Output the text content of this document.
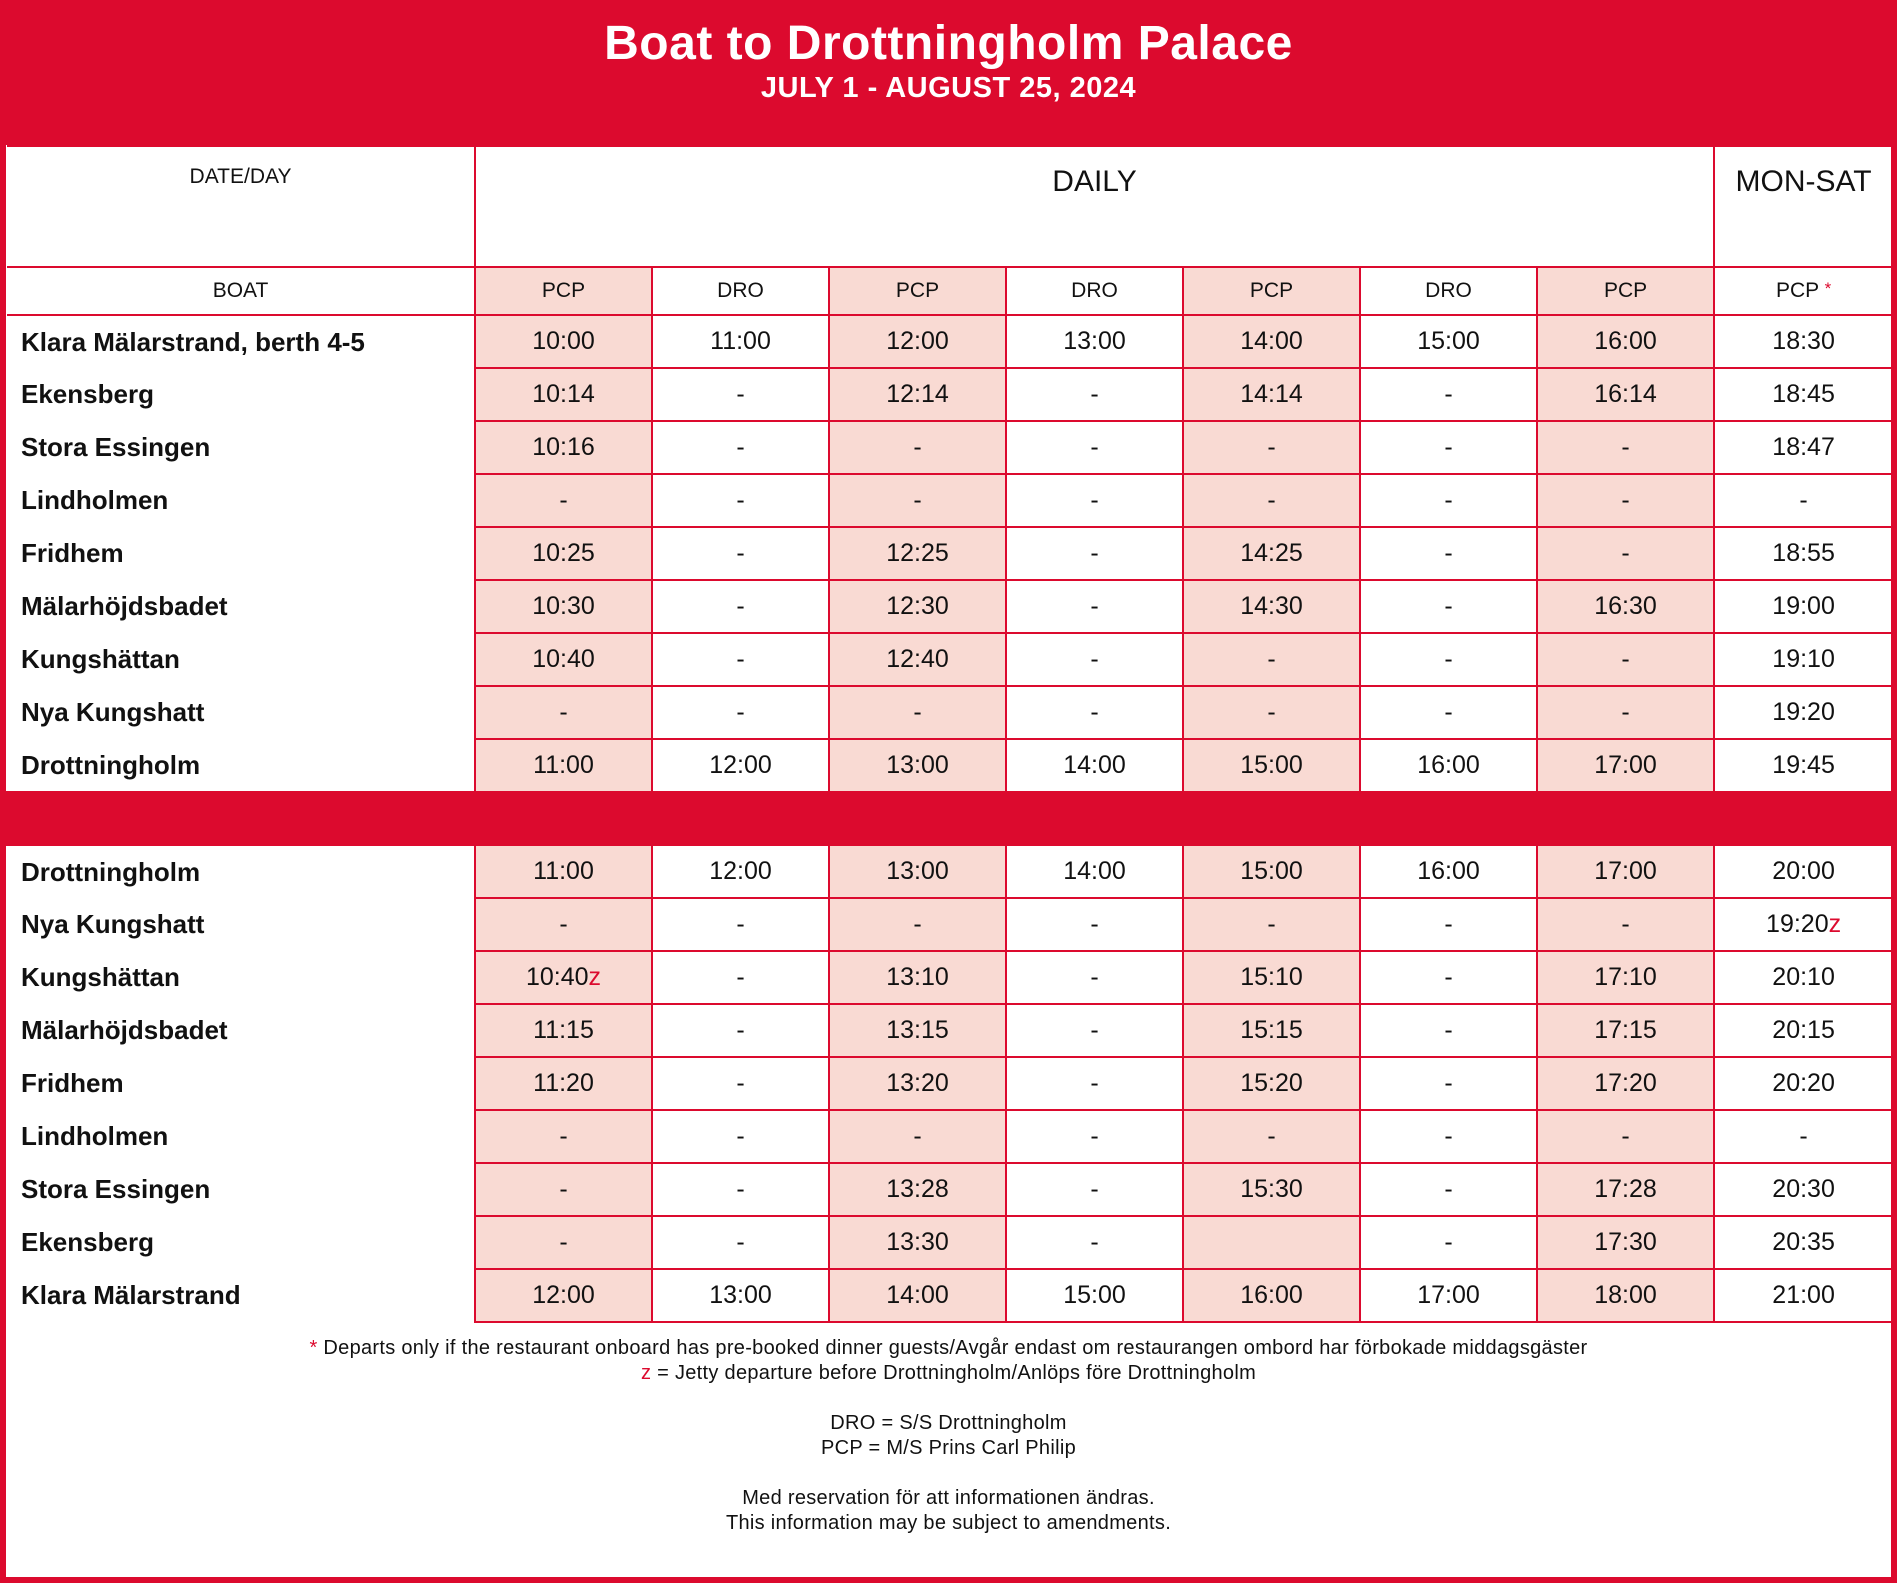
Boat to Drottningholm Palace
JULY 1 - AUGUST 25, 2024
DATE/DAY	DAILY							MON-SAT
BOAT	PCP	DRO	PCP	DRO	PCP	DRO	PCP	PCP *
Klara Mälarstrand, berth 4-5	10:00	11:00	12:00	13:00	14:00	15:00	16:00	18:30
Ekensberg	10:14	-	12:14	-	14:14	-	16:14	18:45
Stora Essingen	10:16	-	-	-	-	-	-	18:47
Lindholmen	-	-	-	-	-	-	-	-
Fridhem	10:25	-	12:25	-	14:25	-	-	18:55
Mälarhöjdsbadet	10:30	-	12:30	-	14:30	-	16:30	19:00
Kungshättan	10:40	-	12:40	-	-	-	-	19:10
Nya Kungshatt	-	-	-	-	-	-	-	19:20
Drottningholm	11:00	12:00	13:00	14:00	15:00	16:00	17:00	19:45

Drottningholm	11:00	12:00	13:00	14:00	15:00	16:00	17:00	20:00
Nya Kungshatt	-	-	-	-	-	-	-	19:20z
Kungshättan	10:40z	-	13:10	-	15:10	-	17:10	20:10
Mälarhöjdsbadet	11:15	-	13:15	-	15:15	-	17:15	20:15
Fridhem	11:20	-	13:20	-	15:20	-	17:20	20:20
Lindholmen	-	-	-	-	-	-	-	-
Stora Essingen	-	-	13:28	-	15:30	-	17:28	20:30
Ekensberg	-	-	13:30	-		-	17:30	20:35
Klara Mälarstrand	12:00	13:00	14:00	15:00	16:00	17:00	18:00	21:00
* Departs only if the restaurant onboard has pre-booked dinner guests/Avgår endast om restaurangen ombord har förbokade middagsgäster
z = Jetty departure before Drottningholm/Anlöps före Drottningholm
DRO = S/S Drottningholm
PCP = M/S Prins Carl Philip
Med reservation för att informationen ändras.
This information may be subject to amendments.
